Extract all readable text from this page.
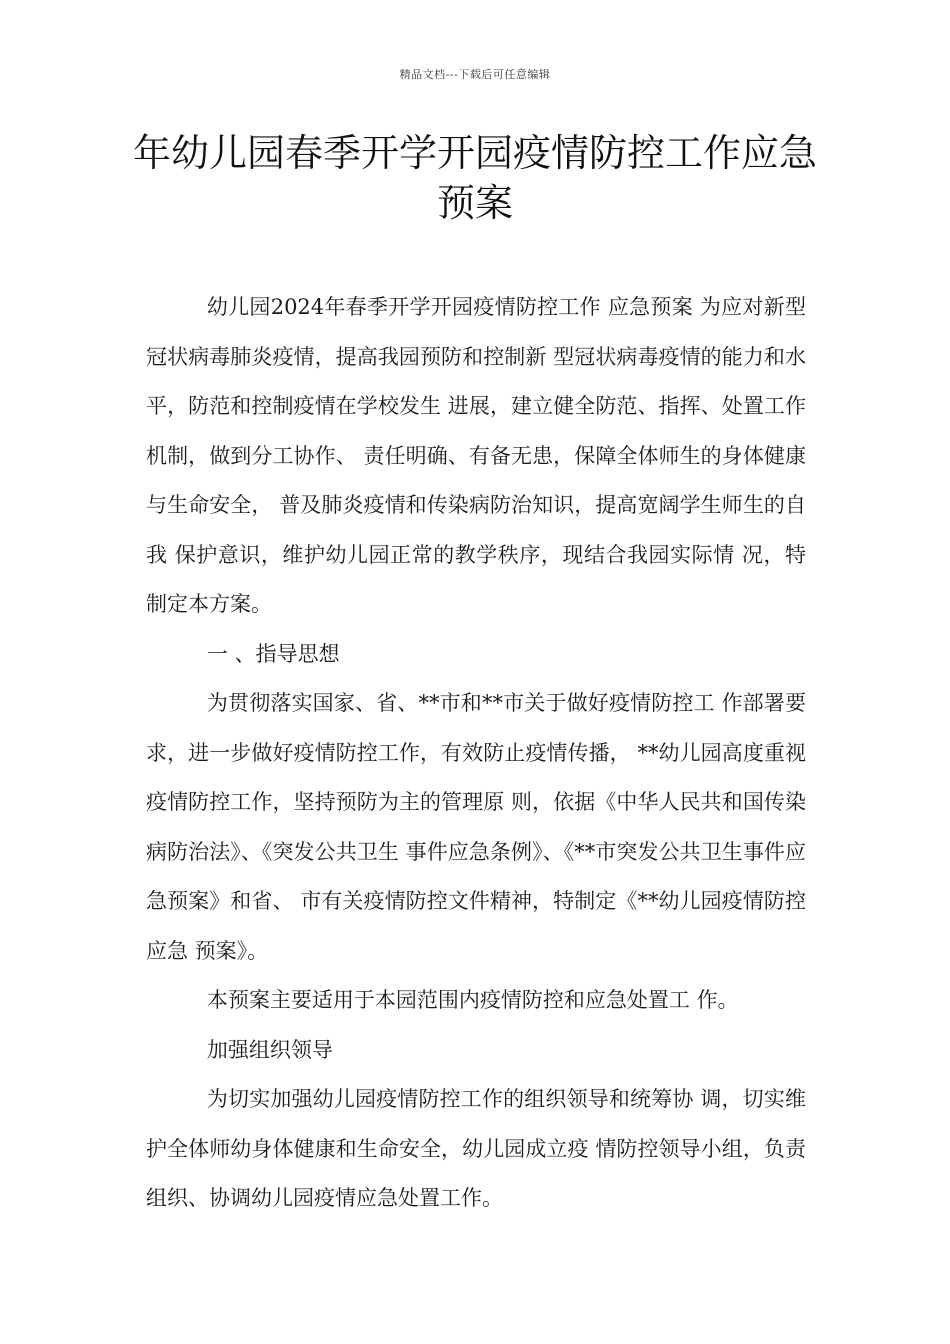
精品文档---下载后可任意编辑
年幼儿园春季开学开园疫情防控工作应急预案

幼儿园2024年春季开学开园疫情防控工作 应急预案 为应对新型冠状病毒肺炎疫情，提高我园预防和控制新 型冠状病毒疫情的能力和水平，防范和控制疫情在学校发生 进展，建立健全防范、指挥、处置工作机制，做到分工协作、 责任明确、有备无患，保障全体师生的身体健康与生命安全， 普及肺炎疫情和传染病防治知识，提高宽阔学生师生的自我 保护意识，维护幼儿园正常的教学秩序，现结合我园实际情 况，特制定本方案。

一 、指导思想

为贯彻落实国家、省、**市和**市关于做好疫情防控工 作部署要求，进一步做好疫情防控工作，有效防止疫情传播， **幼儿园高度重视疫情防控工作，坚持预防为主的管理原 则，依据《中华人民共和国传染病防治法》、《突发公共卫生 事件应急条例》、《**市突发公共卫生事件应急预案》和省、 市有关疫情防控文件精神，特制定《**幼儿园疫情防控应急 预案》。

本预案主要适用于本园范围内疫情防控和应急处置工 作。

加强组织领导

为切实加强幼儿园疫情防控工作的组织领导和统筹协 调，切实维护全体师幼身体健康和生命安全，幼儿园成立疫 情防控领导小组，负责组织、协调幼儿园疫情应急处置工作。
